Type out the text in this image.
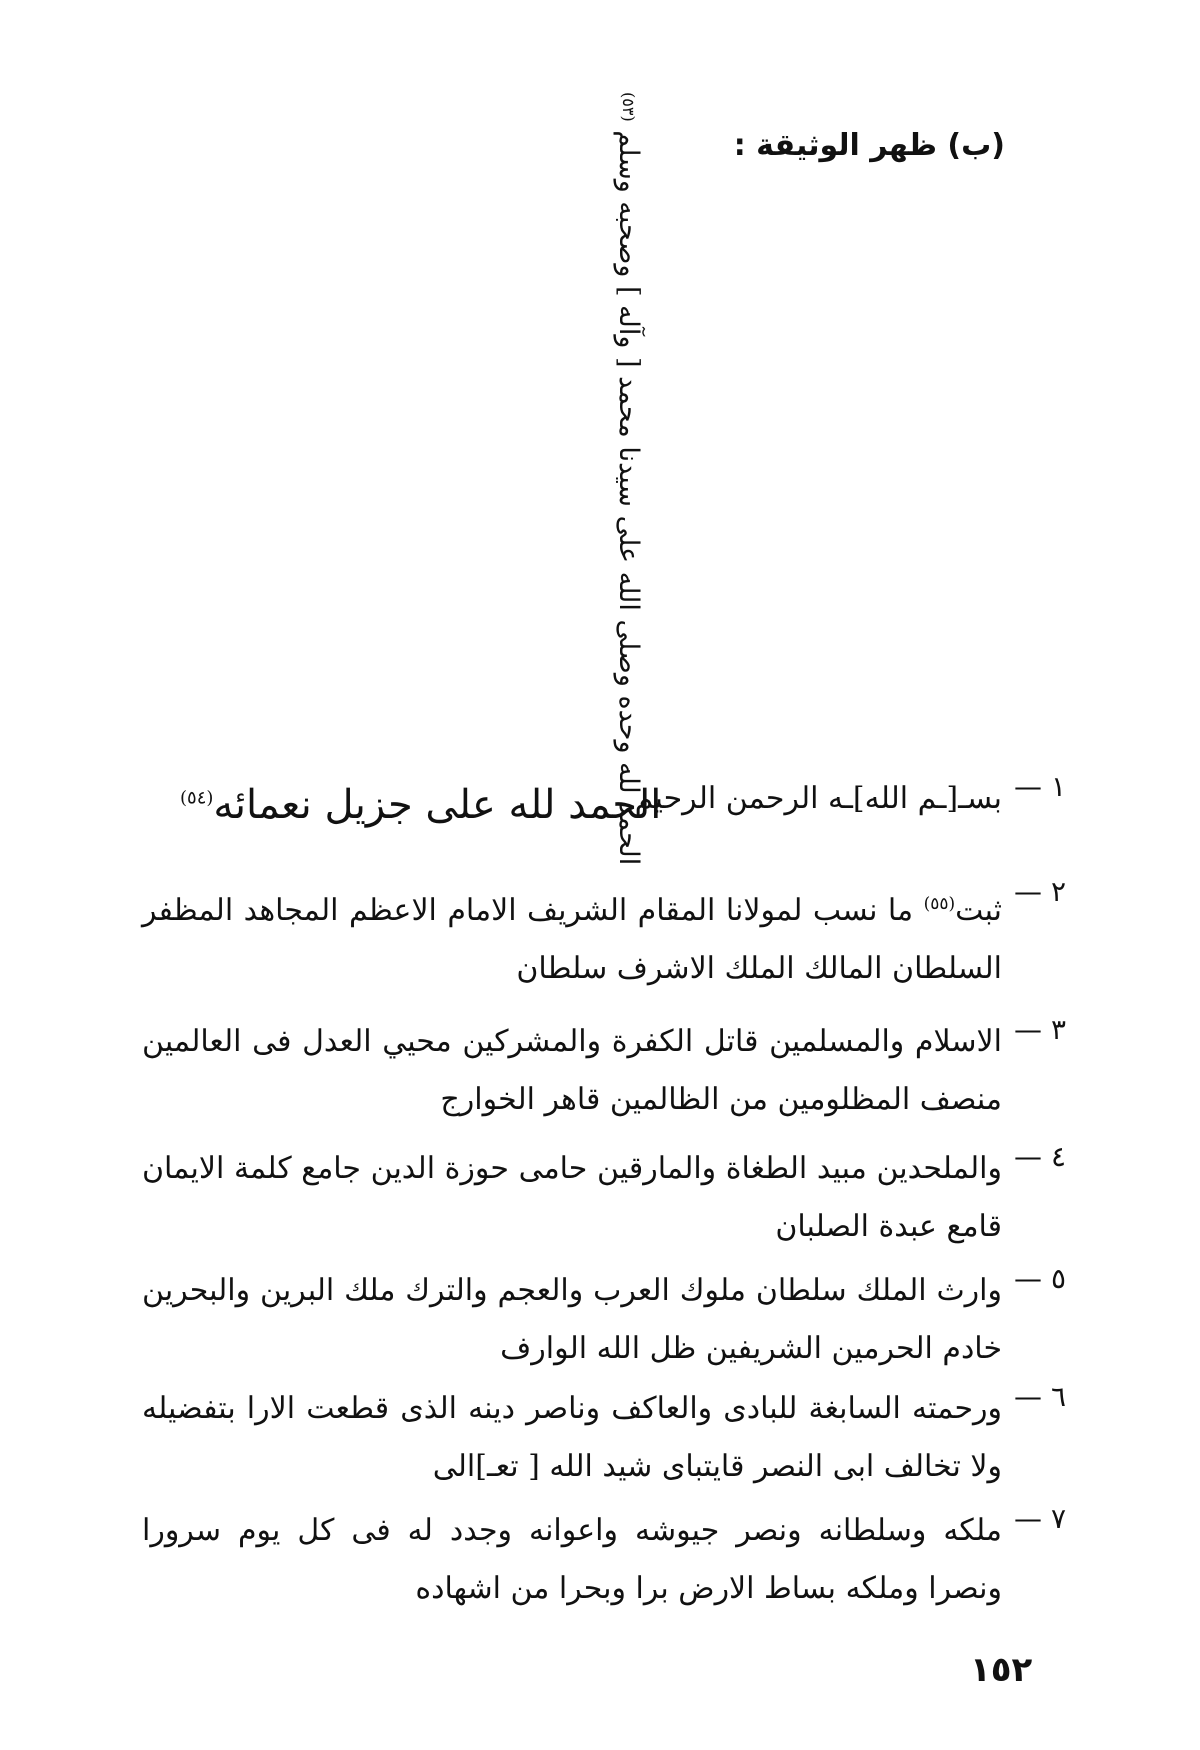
(ب) ظهر الوثيقة :
الحمد لله وحده وصلى الله على سيدنا محمد [ وآله ] وصحبه وسلم (٥٣)
الحمد لله على جزيل نعمائه$^{(٥٤)}$	١ —
بسـ[ـم الله]ـه الرحمن الرحيم
٢ —
ثبت$^{(٥٥)}$ ما نسب لمولانا المقام الشريف الامام الاعظم المجاهد المظفر السلطان المالك الملك الاشرف سلطان
٣ —
الاسلام والمسلمين قاتل الكفرة والمشركين محيي العدل فى العالمين منصف المظلومين من الظالمين قاهر الخوارج
٤ —
والملحدين مبيد الطغاة والمارقين حامى حوزة الدين جامع كلمة الايمان قامع عبدة الصلبان
٥ —
وارث الملك سلطان ملوك العرب والعجم والترك ملك البرين والبحرين خادم الحرمين الشريفين ظل الله الوارف
٦ —
ورحمته السابغة للبادى والعاكف وناصر دينه الذى قطعت الارا بتفضيله ولا تخالف ابى النصر قايتباى شيد الله [ تعـ]الى
٧ —
ملكه وسلطانه ونصر جيوشه واعوانه وجدد له فى كل يوم سرورا ونصرا وملكه بساط الارض برا وبحرا من اشهاده
١٥٢
